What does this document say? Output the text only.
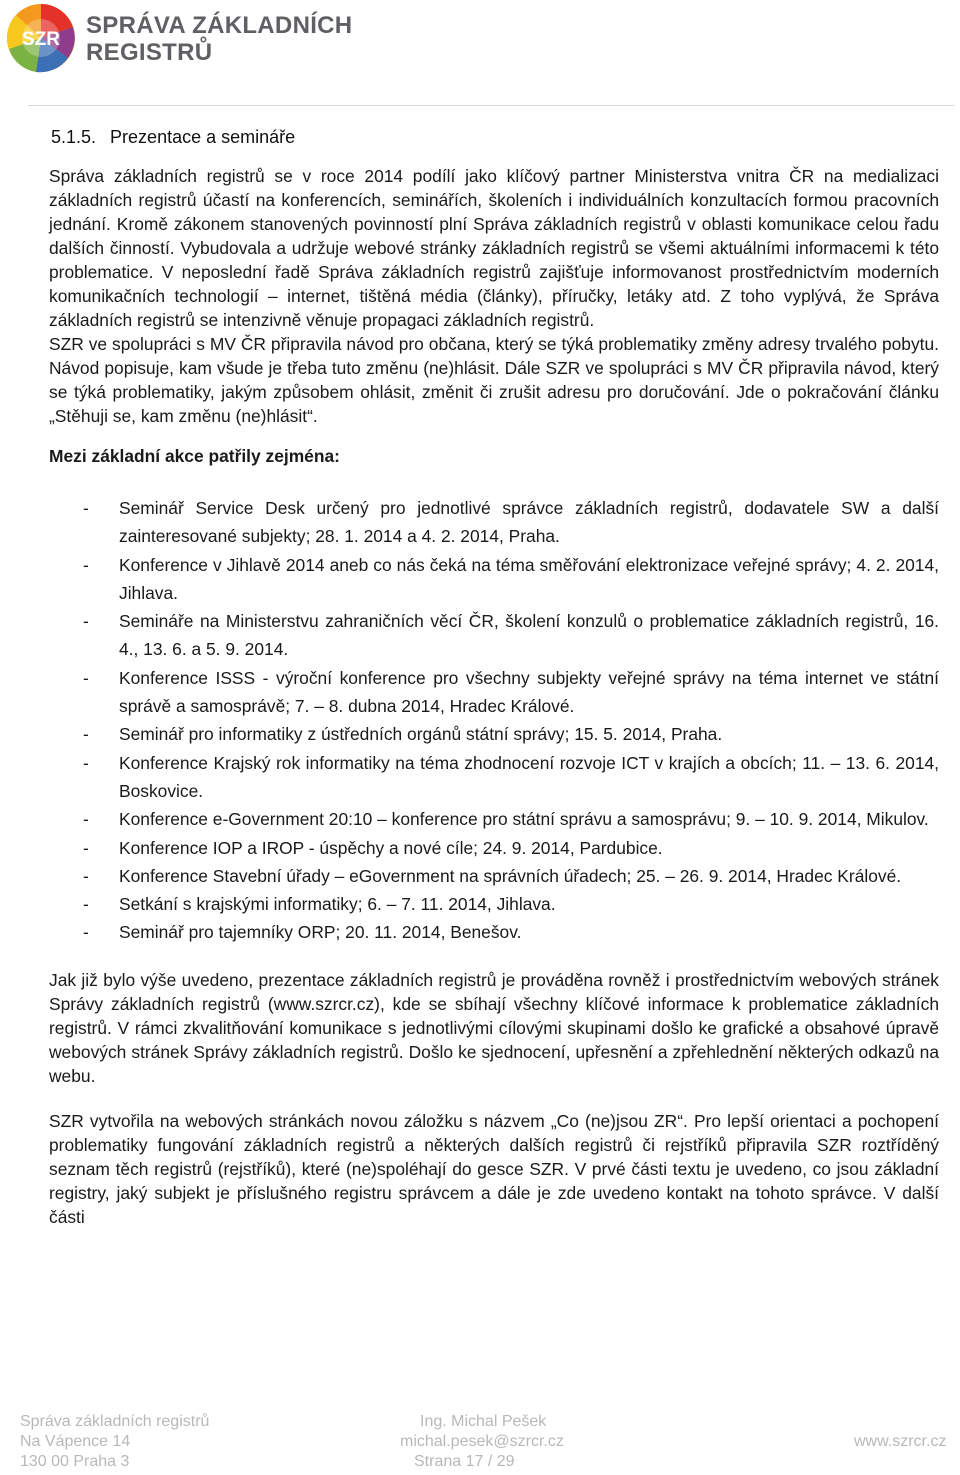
SZR
SPRÁVA ZÁKLADNÍCH
REGISTRŮ
5.1.5. Prezentace a semináře

Správa základních registrů se v roce 2014 podílí jako klíčový partner Ministerstva vnitra ČR na medializaci základních registrů účastí na konferencích, seminářích, školeních i individuálních konzultacích formou pracovních jednání. Kromě zákonem stanovených povinností plní Správa základních registrů v oblasti komunikace celou řadu dalších činností. Vybudovala a udržuje webové stránky základních registrů se všemi aktuálními informacemi k této problematice. V neposlední řadě Správa základních registrů zajišťuje informovanost prostřednictvím moderních komunikačních technologií – internet, tištěná média (články), příručky, letáky atd. Z toho vyplývá, že Správa základních registrů se intenzivně věnuje propagaci základních registrů.

SZR ve spolupráci s MV ČR připravila návod pro občana, který se týká problematiky změny adresy trvalého pobytu. Návod popisuje, kam všude je třeba tuto změnu (ne)hlásit. Dále SZR ve spolupráci s MV ČR připravila návod, který se týká problematiky, jakým způsobem ohlásit, změnit či zrušit adresu pro doručování. Jde o pokračování článku „Stěhuji se, kam změnu (ne)hlásit“.

Mezi základní akce patřily zejména:
- Seminář Service Desk určený pro jednotlivé správce základních registrů, dodavatele SW a další zainteresované subjekty; 28. 1. 2014 a 4. 2. 2014, Praha.
- Konference v Jihlavě 2014 aneb co nás čeká na téma směřování elektronizace veřejné správy; 4. 2. 2014, Jihlava.
- Semináře na Ministerstvu zahraničních věcí ČR, školení konzulů o problematice základních registrů, 16. 4., 13. 6. a 5. 9. 2014.
- Konference ISSS - výroční konference pro všechny subjekty veřejné správy na téma internet ve státní správě a samosprávě; 7. – 8. dubna 2014, Hradec Králové.
- Seminář pro informatiky z ústředních orgánů státní správy; 15. 5. 2014, Praha.
- Konference Krajský rok informatiky na téma zhodnocení rozvoje ICT v krajích a obcích; 11. – 13. 6. 2014, Boskovice.
- Konference e-Government 20:10 – konference pro státní správu a samosprávu; 9. – 10. 9. 2014, Mikulov.
- Konference IOP a IROP - úspěchy a nové cíle; 24. 9. 2014, Pardubice.
- Konference Stavební úřady – eGovernment na správních úřadech; 25. – 26. 9. 2014, Hradec Králové.
- Setkání s krajskými informatiky; 6. – 7. 11. 2014, Jihlava.
- Seminář pro tajemníky ORP; 20. 11. 2014, Benešov.

Jak již bylo výše uvedeno, prezentace základních registrů je prováděna rovněž i prostřednictvím webových stránek Správy základních registrů (www.szrcr.cz), kde se sbíhají všechny klíčové informace k problematice základních registrů. V rámci zkvalitňování komunikace s jednotlivými cílovými skupinami došlo ke grafické a obsahové úpravě webových stránek Správy základních registrů. Došlo ke sjednocení, upřesnění a zpřehlednění některých odkazů na webu.

SZR vytvořila na webových stránkách novou záložku s názvem „Co (ne)jsou ZR“. Pro lepší orientaci a pochopení problematiky fungování základních registrů a některých dalších registrů či rejstříků připravila SZR roztříděný seznam těch registrů (rejstříků), které (ne)spoléhají do gesce SZR. V prvé části textu je uvedeno, co jsou základní registry, jaký subjekt je příslušného registru správcem a dále je zde uvedeno kontakt na tohoto správce. V další části

Správa základních registrů
Na Vápence 14
130 00 Praha 3
Ing. Michal Pešek
michal.pesek@szrcr.cz
Strana 17 / 29
www.szrcr.cz
